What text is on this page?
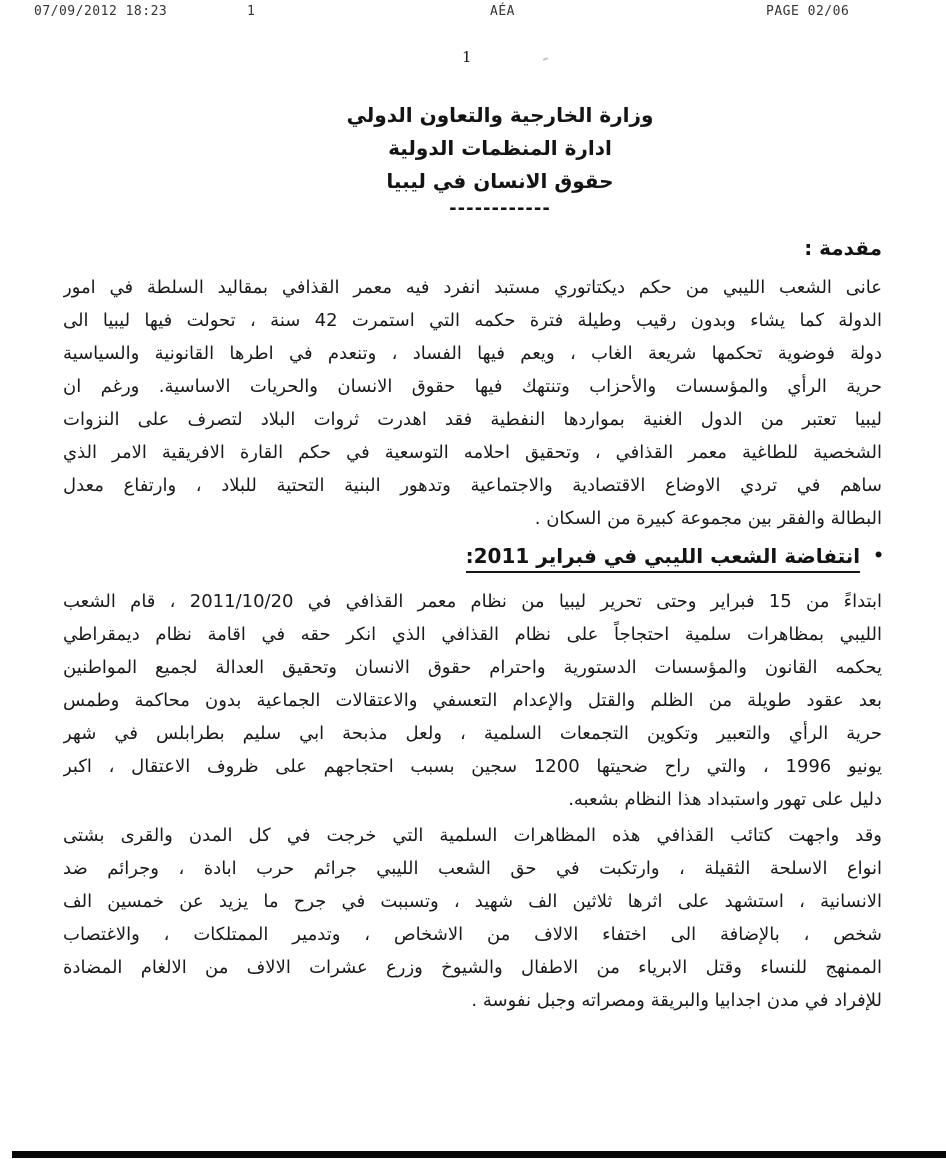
07/09/2012 18:23	1	AÉA	PAGE 02/06
1
وزارة الخارجية والتعاون الدولي
ادارة المنظمات الدولية
حقوق الانسان في ليبيا
------------
مقدمة :
عانى الشعب الليبي من حكم ديكتاتوري مستبد انفرد فيه معمر القذافي بمقاليد السلطة في امور
الدولة كما يشاء وبدون رقيب وطيلة فترة حكمه التي استمرت 42 سنة ، تحولت فيها ليبيا الى
دولة فوضوية تحكمها شريعة الغاب ، ويعم فيها الفساد ، وتنعدم في اطرها القانونية والسياسية
حرية الرأي والمؤسسات والأحزاب وتنتهك فيها حقوق الانسان والحريات الاساسية. ورغم ان
ليبيا تعتبر من الدول الغنية بمواردها النفطية فقد اهدرت ثروات البلاد لتصرف على النزوات
الشخصية للطاغية معمر القذافي ، وتحقيق احلامه التوسعية في حكم القارة الافريقية الامر الذي
ساهم في تردي الاوضاع الاقتصادية والاجتماعية وتدهور البنية التحتية للبلاد ، وارتفاع معدل
البطالة والفقر بين مجموعة كبيرة من السكان .
•انتفاضة الشعب الليبي في فبراير 2011:
ابتداءً من 15 فبراير وحتى تحرير ليبيا من نظام معمر القذافي في 2011/10/20 ، قام الشعب
الليبي بمظاهرات سلمية احتجاجاً على نظام القذافي الذي انكر حقه في اقامة نظام ديمقراطي
يحكمه القانون والمؤسسات الدستورية واحترام حقوق الانسان وتحقيق العدالة لجميع المواطنين
بعد عقود طويلة من الظلم والقتل والإعدام التعسفي والاعتقالات الجماعية بدون محاكمة وطمس
حرية الرأي والتعبير وتكوين التجمعات السلمية ، ولعل مذبحة ابي سليم بطرابلس في شهر
يونيو 1996 ، والتي راح ضحيتها 1200 سجين بسبب احتجاجهم على ظروف الاعتقال ، اكبر
دليل على تهور واستبداد هذا النظام بشعبه.
وقد واجهت كتائب القذافي هذه المظاهرات السلمية التي خرجت في كل المدن والقرى بشتى
انواع الاسلحة الثقيلة ، وارتكبت في حق الشعب الليبي جرائم حرب ابادة ، وجرائم ضد
الانسانية ، استشهد على اثرها ثلاثين الف شهيد ، وتسببت في جرح ما يزيد عن خمسين الف
شخص ، بالإضافة الى اختفاء الالاف من الاشخاص ، وتدمير الممتلكات ، والاغتصاب
الممنهج للنساء وقتل الابرياء من الاطفال والشيوخ وزرع عشرات الالاف من الالغام المضادة
للإفراد في مدن اجدابيا والبريقة ومصراته وجبل نفوسة .
